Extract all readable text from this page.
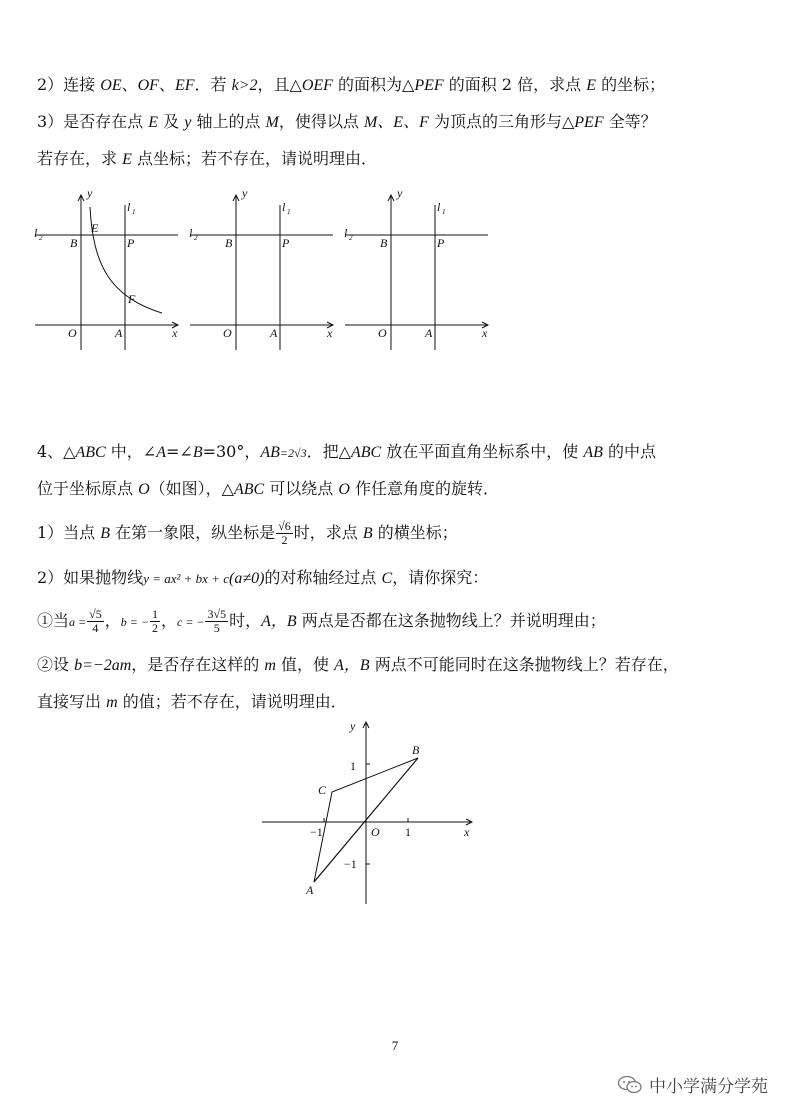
2）连接 OE、OF、EF．若 k>2，且△OEF 的面积为△PEF 的面积 2 倍，求点 E 的坐标；
3）是否存在点 E 及 y 轴上的点 M，使得以点 M、E、F 为顶点的三角形与△PEF 全等？
若存在，求 E 点坐标；若不存在，请说明理由．
y
x
O	A
B	P
E
F
l 1
l 2
y
x
O	A
B	P
l 1
l 2
y
x
O	A
B	P
l 1
l 2
4、△ABC 中，∠A=∠B=30°，AB=2√3．把△ABC 放在平面直角坐标系中，使 AB 的中点
位于坐标原点 O（如图），△ABC 可以绕点 O 作任意角度的旋转．
1）当点 B 在第一象限，纵坐标是 $\frac{√6}{2}$ 时，求点 B 的横坐标；
2）如果抛物线y = ax² + bx + c(a≠0)的对称轴经过点 C，请你探究：
①当$a = \frac{√5}{4}$ ，b = − $\frac{1}{2}$ ，c = − $\frac{3√5}{5}$ 时，A，B 两点是否都在这条抛物线上？并说明理由；
②设 b=−2am，是否存在这样的 m 值，使 A，B 两点不可能同时在这条抛物线上？若存在，
直接写出 m 的值；若不存在，请说明理由．
y
x
O
B
C
A
1
−1
1
−1
7
中小学满分学苑
